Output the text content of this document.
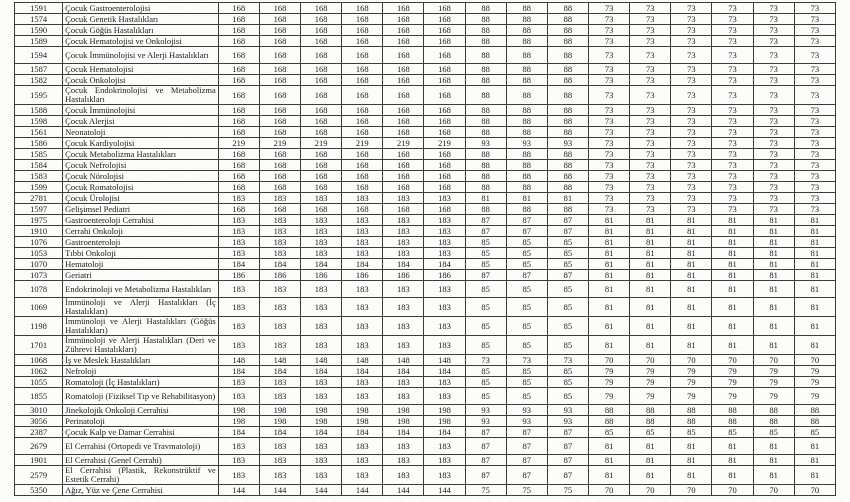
1591	Çocuk Gastroenterolojisi	168	168	168	168	168	168	88	88	88	73	73	73	73	73	73
1574	Çocuk Genetik Hastalıkları	168	168	168	168	168	168	88	88	88	73	73	73	73	73	73
1590	Çocuk Göğüs Hastalıkları	168	168	168	168	168	168	88	88	88	73	73	73	73	73	73
1589	Çocuk Hematolojisi ve Onkolojisi	168	168	168	168	168	168	88	88	88	73	73	73	73	73	73
1594	Çocuk İmmünolojisi ve Alerji Hastalıkları	168	168	168	168	168	168	88	88	88	73	73	73	73	73	73
1587	Çocuk Hematolojisi	168	168	168	168	168	168	88	88	88	73	73	73	73	73	73
1582	Çocuk Onkolojisi	168	168	168	168	168	168	88	88	88	73	73	73	73	73	73
1595	Çocuk Endokrinolojisi ve Metabolizma Hastalıkları	168	168	168	168	168	168	88	88	88	73	73	73	73	73	73
1588	Çocuk İmmünolojisi	168	168	168	168	168	168	88	88	88	73	73	73	73	73	73
1598	Çocuk Alerjisi	168	168	168	168	168	168	88	88	88	73	73	73	73	73	73
1561	Neonatoloji	168	168	168	168	168	168	88	88	88	73	73	73	73	73	73
1586	Çocuk Kardiyolojisi	219	219	219	219	219	219	93	93	93	73	73	73	73	73	73
1585	Çocuk Metabolizma Hastalıkları	168	168	168	168	168	168	88	88	88	73	73	73	73	73	73
1584	Çocuk Nefrolojisi	168	168	168	168	168	168	88	88	88	73	73	73	73	73	73
1583	Çocuk Nörolojisi	168	168	168	168	168	168	88	88	88	73	73	73	73	73	73
1599	Çocuk Romatolojisi	168	168	168	168	168	168	88	88	88	73	73	73	73	73	73
2781	Çocuk Ürolojisi	183	183	183	183	183	183	81	81	81	73	73	73	73	73	73
1597	Gelişimsel Pediatri	168	168	168	168	168	168	88	88	88	73	73	73	73	73	73
1975	Gastroenteroloji Cerrahisi	183	183	183	183	183	183	87	87	87	81	81	81	81	81	81
1910	Cerrahi Onkoloji	183	183	183	183	183	183	87	87	87	81	81	81	81	81	81
1076	Gastroenteroloji	183	183	183	183	183	183	85	85	85	81	81	81	81	81	81
1053	Tıbbi Onkoloji	183	183	183	183	183	183	85	85	85	81	81	81	81	81	81
1070	Hematoloji	184	184	184	184	184	184	85	85	85	81	81	81	81	81	81
1073	Geriatri	186	186	186	186	186	186	87	87	87	81	81	81	81	81	81
1078	Endokrinoloji ve Metabolizma Hastalıkları	183	183	183	183	183	183	85	85	85	81	81	81	81	81	81
1069	İmmünoloji ve Alerji Hastalıkları (İç Hastalıkları)	183	183	183	183	183	183	85	85	85	81	81	81	81	81	81
1198	İmmünoloji ve Alerji Hastalıkları (Göğüs Hastalıkları)	183	183	183	183	183	183	85	85	85	81	81	81	81	81	81
1701	İmmünoloji ve Alerji Hastalıkları (Deri ve Zührevi Hastalıkları)	183	183	183	183	183	183	85	85	85	81	81	81	81	81	81
1068	İş ve Meslek Hastalıkları	148	148	148	148	148	148	73	73	73	70	70	70	70	70	70
1062	Nefroloji	184	184	184	184	184	184	85	85	85	79	79	79	79	79	79
1055	Romatoloji (İç Hastalıkları)	183	183	183	183	183	183	85	85	85	79	79	79	79	79	79
1855	Romatoloji (Fiziksel Tıp ve Rehabilitasyon)	183	183	183	183	183	183	85	85	85	79	79	79	79	79	79
3010	Jinekolojik Onkoloji Cerrahisi	198	198	198	198	198	198	93	93	93	88	88	88	88	88	88
3056	Perinatoloji	198	198	198	198	198	198	93	93	93	88	88	88	88	88	88
2387	Çocuk Kalp ve Damar Cerrahisi	184	184	184	184	184	184	87	87	87	85	85	85	85	85	85
2679	El Cerrahisi (Ortopedi ve Travmatoloji)	183	183	183	183	183	183	87	87	87	81	81	81	81	81	81
1901	El Cerrahisi (Genel Cerrahi)	183	183	183	183	183	183	87	87	87	81	81	81	81	81	81
2579	El Cerrahisi (Plastik, Rekonstrüktif ve Estetik Cerrahi)	183	183	183	183	183	183	87	87	87	81	81	81	81	81	81
5350	Ağız, Yüz ve Çene Cerrahisi	144	144	144	144	144	144	75	75	75	70	70	70	70	70	70
